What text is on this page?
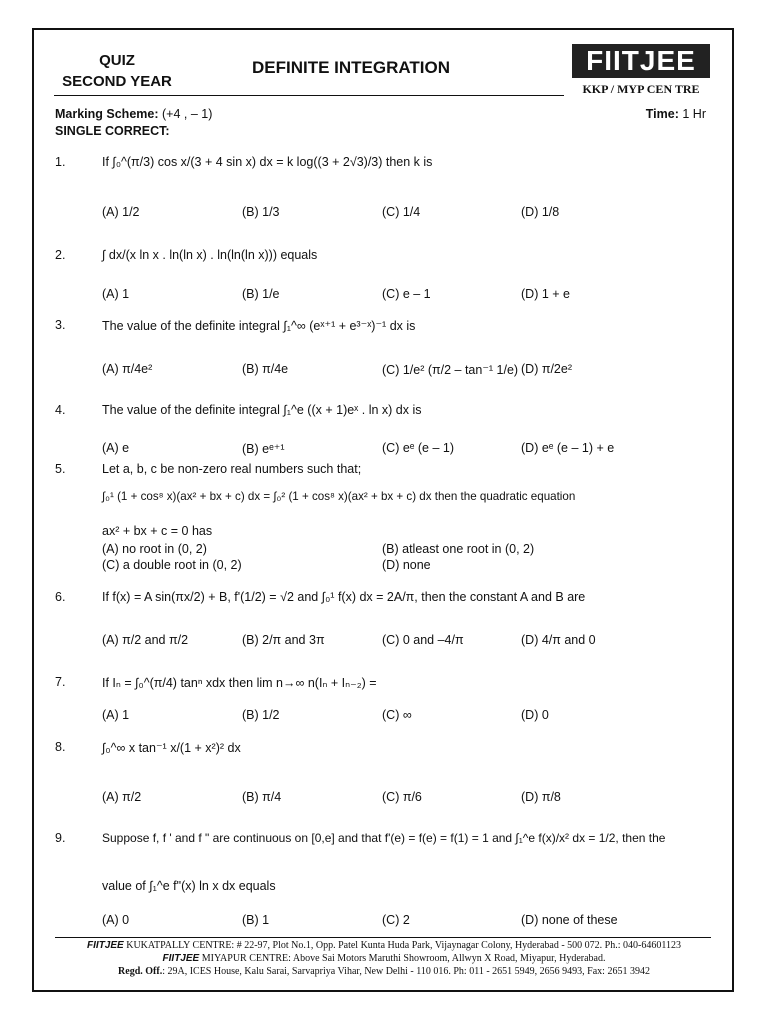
QUIZ
SECOND YEAR
DEFINITE INTEGRATION	FIITJEE
KKP / MYP CEN TRE
Marking Scheme: (+4 , – 1)	Time: 1 Hr
SINGLE CORRECT:
1.	If ∫₀^(π/3) cos x/(3 + 4 sin x) dx = k log((3 + 2√3)/3) then k is
(A) 1/2	(B) 1/3	(C) 1/4	(D) 1/8
2.	∫ dx/(x ln x . ln(ln x) . ln(ln(ln x))) equals
(A) 1	(B) 1/e	(C) e – 1	(D) 1 + e
3.	The value of the definite integral ∫₁^∞ (eˣ⁺¹ + e³⁻ˣ)⁻¹ dx is
(A) π/4e²	(B) π/4e	(C) 1/e² (π/2 – tan⁻¹ 1/e) (D) π/2e²
4.	The value of the definite integral ∫₁^e ((x + 1)eˣ . ln x) dx is
(A) e	(B) eᵉ⁺¹	(C) eᵉ (e – 1)	(D) eᵉ (e – 1) + e
5.	Let a, b, c be non-zero real numbers such that;
∫₀¹ (1 + cos⁸ x)(ax² + bx + c) dx = ∫₀² (1 + cos⁸ x)(ax² + bx + c) dx then the quadratic equation
ax² + bx + c = 0 has
(A) no root in (0, 2)	(B) atleast one root in (0, 2)
(C) a double root in (0, 2)	(D) none
6.	If f(x) = A sin(πx/2) + B, f'(1/2) = √2 and ∫₀¹ f(x) dx = 2A/π, then the constant A and B are
(A) π/2 and π/2	(B) 2/π and 3π	(C) 0 and –4/π	(D) 4/π and 0
7.	If Iₙ = ∫₀^(π/4) tanⁿ xdx then lim n→∞ n(Iₙ + Iₙ₋₂) =
(A) 1	(B) 1/2	(C) ∞	(D) 0
8.	∫₀^∞ x tan⁻¹ x/(1 + x²)² dx
(A) π/2	(B) π/4	(C) π/6	(D) π/8
9.	Suppose f, f ' and f " are continuous on [0,e] and that f'(e) = f(e) = f(1) = 1 and ∫₁^e f(x)/x² dx = 1/2, then the
value of ∫₁^e f"(x) ln x dx equals
(A) 0	(B) 1	(C) 2	(D) none of these
FIITJEE KUKATPALLY CENTRE: # 22-97, Plot No.1, Opp. Patel Kunta Huda Park, Vijaynagar Colony, Hyderabad - 500 072. Ph.: 040-64601123
FIITJEE MIYAPUR CENTRE: Above Sai Motors Maruthi Showroom, Allwyn X Road, Miyapur, Hyderabad.
Regd. Off.: 29A, ICES House, Kalu Sarai, Sarvapriya Vihar, New Delhi - 110 016. Ph: 011 - 2651 5949, 2656 9493, Fax: 2651 3942
